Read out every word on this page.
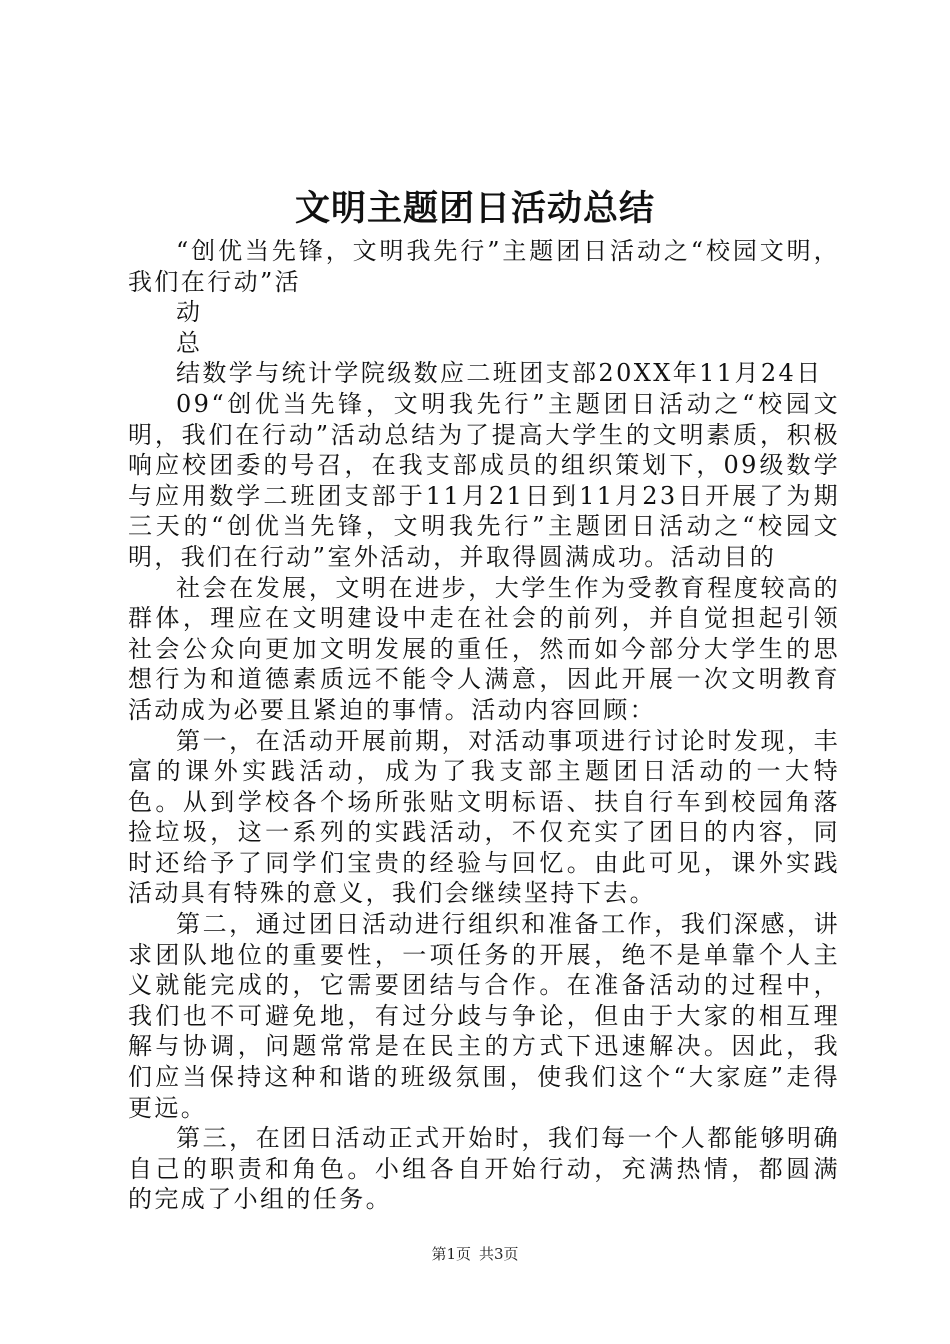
文明主题团日活动总结

“创优当先锋，文明我先行”主题团日活动之“校园文明，我们在行动”活

动

总

结数学与统计学院级数应二班团支部20XX年11月24日

09“创优当先锋，文明我先行”主题团日活动之“校园文明，我们在行动”活动总结为了提高大学生的文明素质，积极响应校团委的号召，在我支部成员的组织策划下，09级数学与应用数学二班团支部于11月21日到11月23日开展了为期三天的“创优当先锋，文明我先行”主题团日活动之“校园文明，我们在行动”室外活动，并取得圆满成功。活动目的

社会在发展，文明在进步，大学生作为受教育程度较高的群体，理应在文明建设中走在社会的前列，并自觉担起引领社会公众向更加文明发展的重任，然而如今部分大学生的思想行为和道德素质远不能令人满意，因此开展一次文明教育活动成为必要且紧迫的事情。活动内容回顾：

第一，在活动开展前期，对活动事项进行讨论时发现，丰富的课外实践活动，成为了我支部主题团日活动的一大特色。从到学校各个场所张贴文明标语、扶自行车到校园角落捡垃圾，这一系列的实践活动，不仅充实了团日的内容，同时还给予了同学们宝贵的经验与回忆。由此可见，课外实践活动具有特殊的意义，我们会继续坚持下去。

第二，通过团日活动进行组织和准备工作，我们深感，讲求团队地位的重要性，一项任务的开展，绝不是单靠个人主义就能完成的，它需要团结与合作。在准备活动的过程中，我们也不可避免地，有过分歧与争论，但由于大家的相互理解与协调，问题常常是在民主的方式下迅速解决。因此，我们应当保持这种和谐的班级氛围，使我们这个“大家庭”走得更远。

第三，在团日活动正式开始时，我们每一个人都能够明确自己的职责和角色。小组各自开始行动，充满热情，都圆满的完成了小组的任务。

第1页 共3页
